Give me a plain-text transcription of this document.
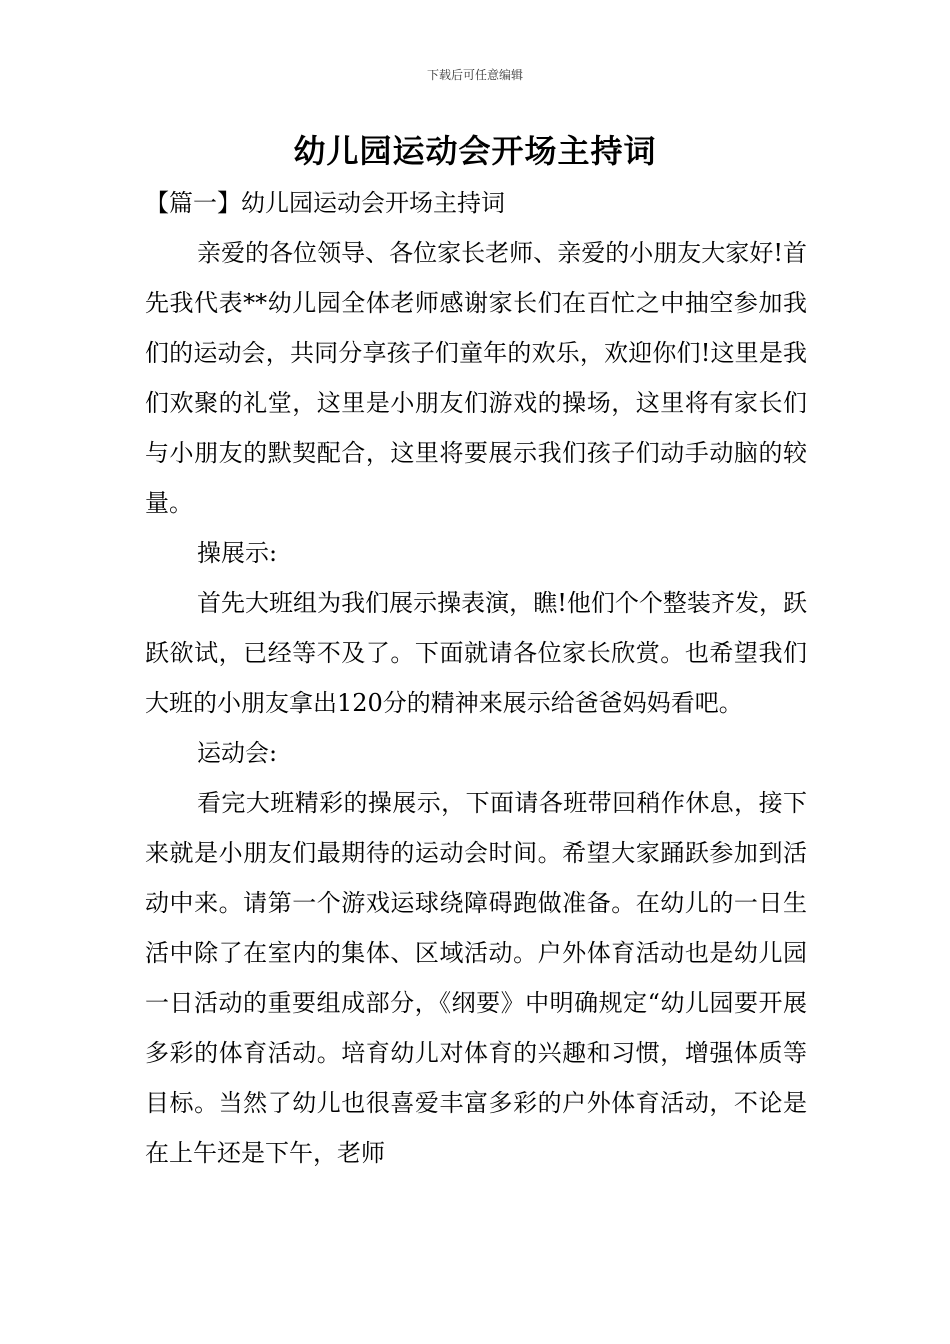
下载后可任意编辑
幼儿园运动会开场主持词

【篇一】幼儿园运动会开场主持词

亲爱的各位领导、各位家长老师、亲爱的小朋友大家好!首先我代表**幼儿园全体老师感谢家长们在百忙之中抽空参加我们的运动会，共同分享孩子们童年的欢乐，欢迎你们!这里是我们欢聚的礼堂，这里是小朋友们游戏的操场，这里将有家长们与小朋友的默契配合，这里将要展示我们孩子们动手动脑的较量。

操展示:

首先大班组为我们展示操表演，瞧!他们个个整装齐发，跃跃欲试，已经等不及了。下面就请各位家长欣赏。也希望我们大班的小朋友拿出120分的精神来展示给爸爸妈妈看吧。

运动会:

看完大班精彩的操展示，下面请各班带回稍作休息，接下来就是小朋友们最期待的运动会时间。希望大家踊跃参加到活动中来。请第一个游戏运球绕障碍跑做准备。在幼儿的一日生活中除了在室内的集体、区域活动。户外体育活动也是幼儿园一日活动的重要组成部分，《纲要》中明确规定“幼儿园要开展多彩的体育活动。培育幼儿对体育的兴趣和习惯，增强体质等目标。当然了幼儿也很喜爱丰富多彩的户外体育活动，不论是在上午还是下午，老师
